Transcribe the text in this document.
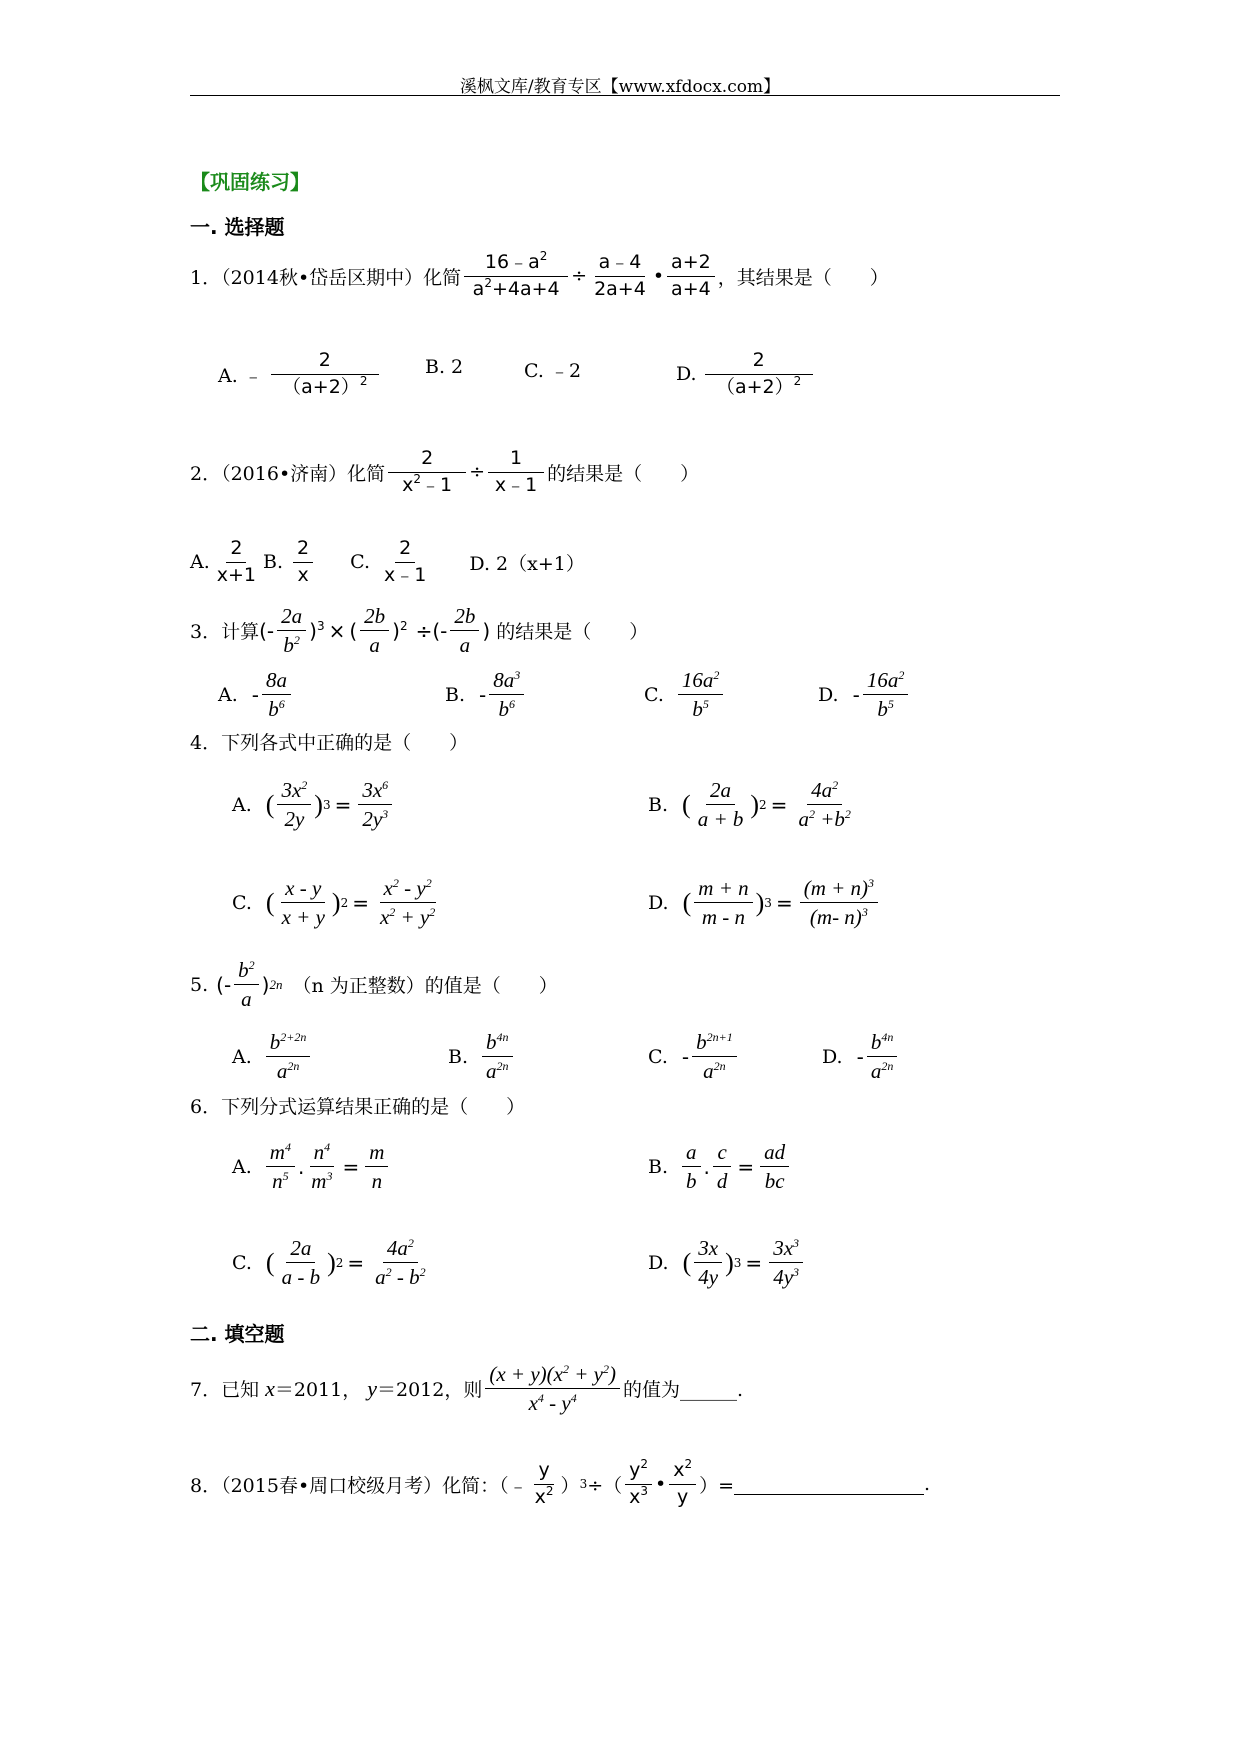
溪枫文库/教育专区【www.xfdocx.com】
【巩固练习】
一. 选择题
1．（2014秋•岱岳区期中）化简 $\frac{16﹣a^2}{a^2+4a+4} \div \frac{a﹣4}{2a+4}$ • $\frac{a+2}{a+4}$ ，其结果是（　　）
A. ﹣ $\frac{2}{(a+2)^2} B$. 2	C. ﹣2	D. $\frac{2}{(a+2)^2}$
2．（2016•济南）化简 $\frac{2}{x^2﹣1} \div \frac{1}{x﹣1}$ 的结果是（　　）
A. $\frac{2}{x+1} B$. $\frac{2}{x} C$. $\frac{2}{x﹣1} D$. 2（x+1）
3．计算 (- $\frac{2a}{b^2} )^3$ × ( $\frac{2b}{a} )^2$ ÷(- $\frac{2b}{a}$ ) 的结果是（　　）
A. - $\frac{8a}{b^6}$	B. - $\frac{8a^3}{b^6}$	C. $\frac{16a^2}{b^5}$	D. - $\frac{16a^2}{b^5}$
4．下列各式中正确的是（　　）
A. ( $\frac{3x^2}{2y}$ ) $3 = \frac{3x^6}{2y^3}$	B. ( $\frac{2a}{a + b}$ ) $2 = \frac{4a^2}{a^2 +b^2}$
C. ( $\frac{x - y}{x + y}$ ) $2 = \frac{x^2 - y^2}{x^2 + y^2}$	D. ( $\frac{m + n}{m - n}$ ) $3 = \frac{(m + n)^3}{(m- n)^3}$
5. (- $\frac{b^2}{a}$ ) 2n （n 为正整数）的值是（　　）
A. $\frac{b^{2+2n}}{a^{2n}}$	B. $\frac{b^{4n}}{a^{2n}}$	C. - $\frac{b^{2n+1}}{a^{2n}}$	D. - $\frac{b^{4n}}{a^{2n}}$
6．下列分式运算结果正确的是（　　）
A. $\frac{m^4}{n^5}$ . $\frac{n^4}{m^3} = \frac{m}{n}$	B. $\frac{a}{b}$ . $\frac{c}{d} = \frac{ad}{bc}$
C. ( $\frac{2a}{a - b}$ ) $2 = \frac{4a^2}{a^2 - b^2}$	D. ( $\frac{3x}{4y}$ ) $3 = \frac{3x^3}{4y^3}$
二. 填空题
7．已知 x ＝2011， y ＝2012，则 $\frac{(x + y)(x^2 + y^2)}{x^4 - y^4}$ 的值为______.
8．（2015春•周口校级月考）化简：（﹣ $\frac{y}{x^2}$ ） 3 ÷（ $\frac{y^2}{x^3}$ • $\frac{x^2}{y}$ ）=	.
